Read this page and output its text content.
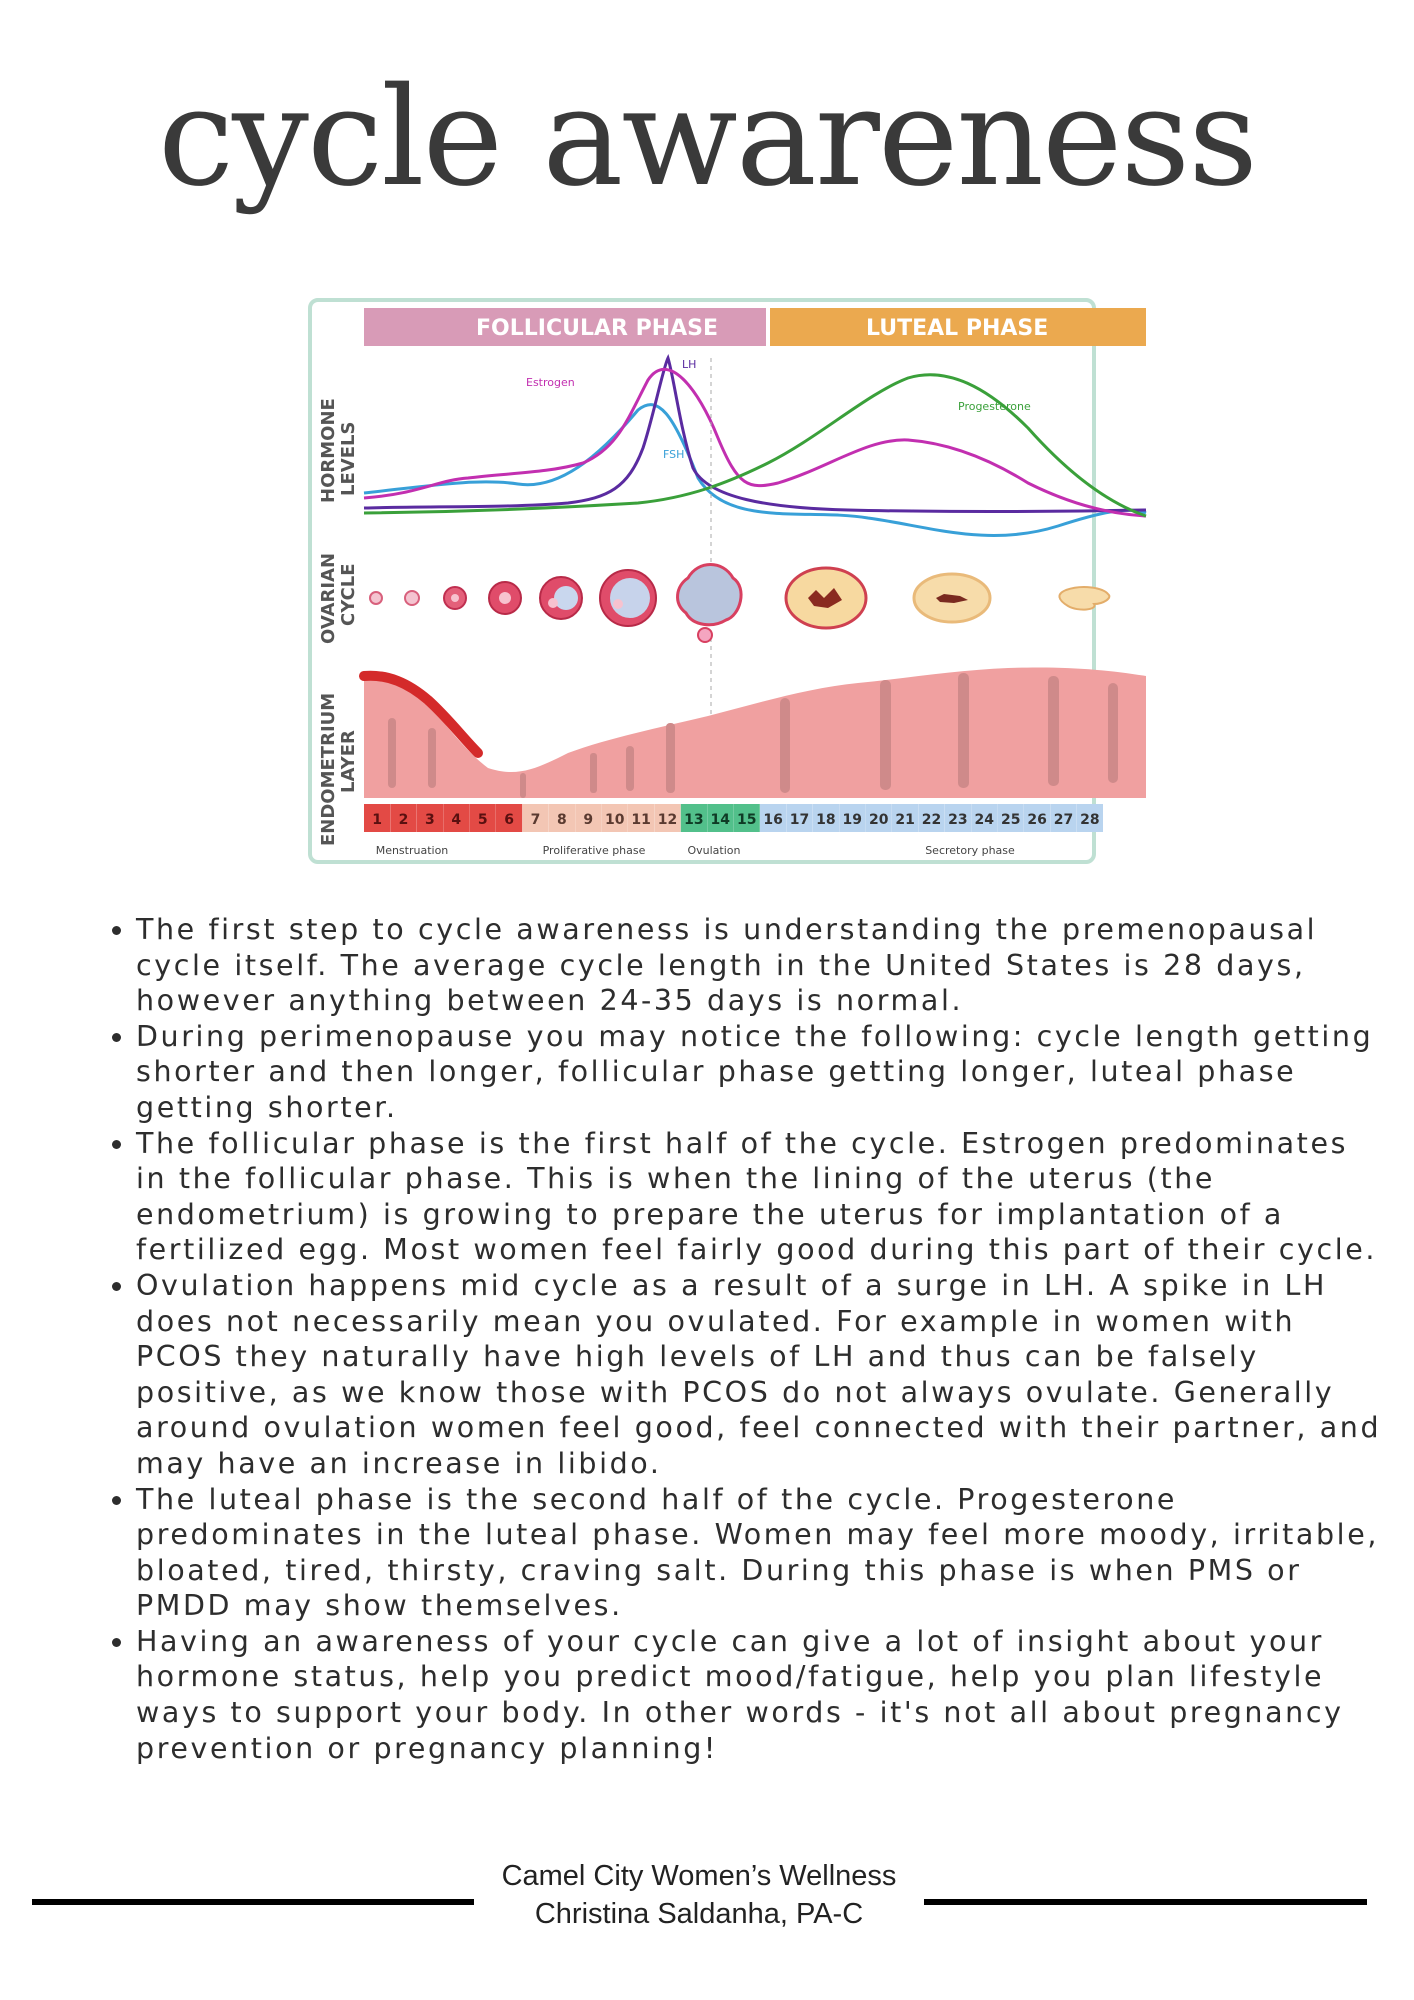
cycle awareness
FOLLICULAR PHASE	LUTEAL PHASE
HORMONE LEVELS
OVARIAN CYCLE
ENDOMETRIUM LAYER
Estrogen
LH
FSH
Progesterone
1 2 3 4 5 6 7 8 9 10 11 12 13 14 15 16 17 18 19 20 21 22 23 24 25 26 27 28
Menstruation	Proliferative phase	Ovulation	Secretory phase
• The first step to cycle awareness is understanding the premenopausal cycle itself. The average cycle length in the United States is 28 days, however anything between 24-35 days is normal.
• During perimenopause you may notice the following: cycle length getting shorter and then longer, follicular phase getting longer, luteal phase getting shorter.
• The follicular phase is the first half of the cycle. Estrogen predominates in the follicular phase. This is when the lining of the uterus (the endometrium) is growing to prepare the uterus for implantation of a fertilized egg. Most women feel fairly good during this part of their cycle.
• Ovulation happens mid cycle as a result of a surge in LH. A spike in LH does not necessarily mean you ovulated. For example in women with PCOS they naturally have high levels of LH and thus can be falsely positive, as we know those with PCOS do not always ovulate. Generally around ovulation women feel good, feel connected with their partner, and may have an increase in libido.
• The luteal phase is the second half of the cycle. Progesterone predominates in the luteal phase. Women may feel more moody, irritable, bloated, tired, thirsty, craving salt. During this phase is when PMS or PMDD may show themselves.
• Having an awareness of your cycle can give a lot of insight about your hormone status, help you predict mood/fatigue, help you plan lifestyle ways to support your body. In other words - it's not all about pregnancy prevention or pregnancy planning!
Camel City Women’s Wellness
Christina Saldanha, PA-C
